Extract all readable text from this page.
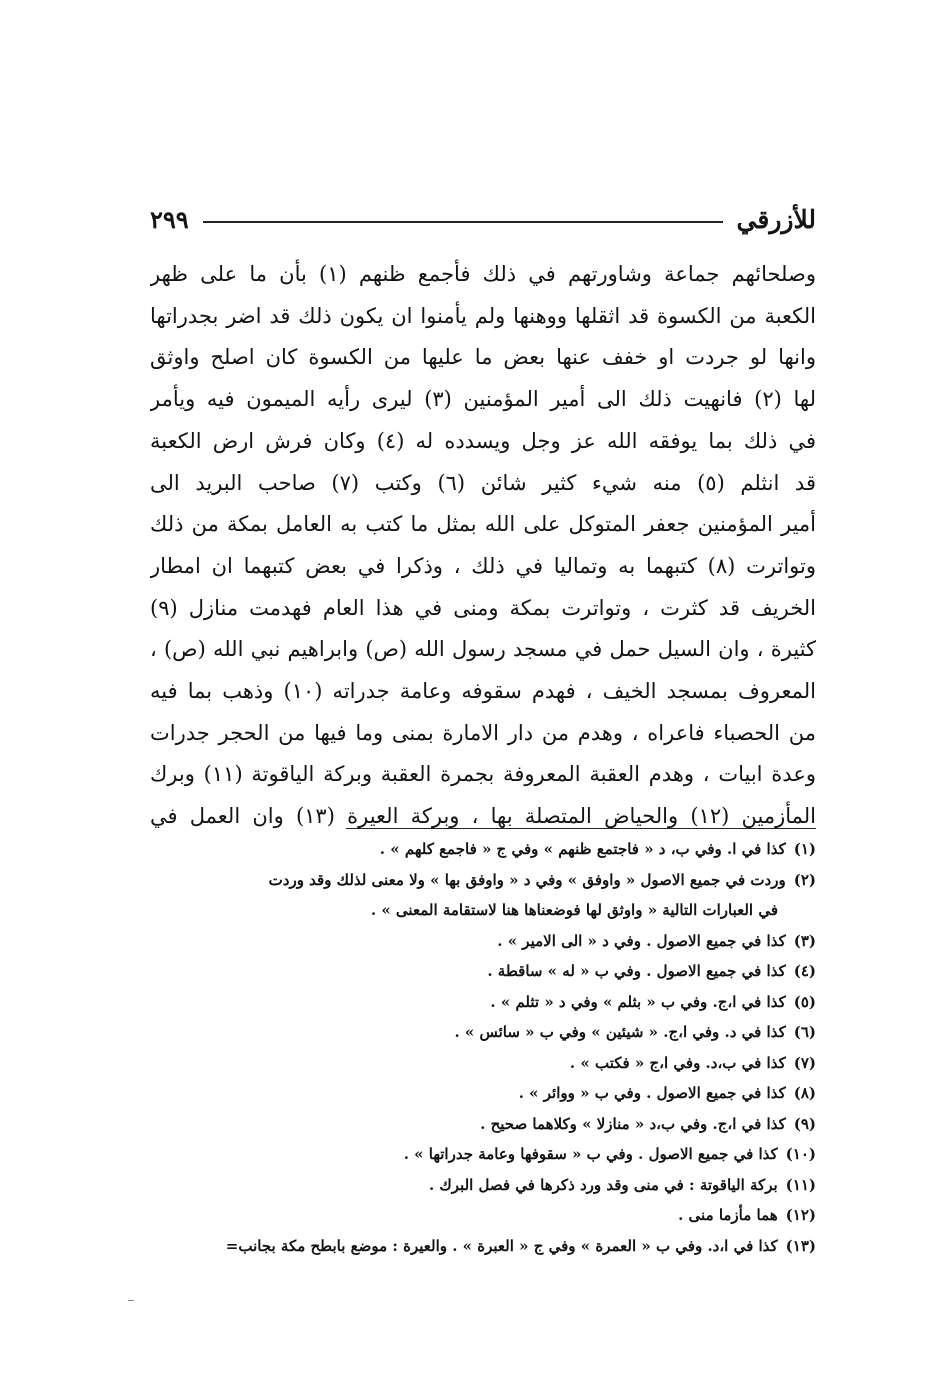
للأزرقي
٢٩٩
وصلحائهم جماعة وشاورتهم في ذلك فأجمع ظنهم (١) بأن ما على ظهر
الكعبة من الكسوة قد اثقلها ووهنها ولم يأمنوا ان يكون ذلك قد اضر بجدراتها
وانها لو جردت او خفف عنها بعض ما عليها من الكسوة كان اصلح واوثق
لها (٢) فانهيت ذلك الى أمير المؤمنين (٣) ليرى رأيه الميمون فيه ويأمر
في ذلك بما يوفقه الله عز وجل ويسدده له (٤) وكان فرش ارض الكعبة
قد انثلم (٥) منه شيء كثير شائن (٦) وكتب (٧) صاحب البريد الى
أمير المؤمنين جعفر المتوكل على الله بمثل ما كتب به العامل بمكة من ذلك
وتواترت (٨) كتبهما به وتماليا في ذلك ، وذكرا في بعض كتبهما ان امطار
الخريف قد كثرت ، وتواترت بمكة ومنى في هذا العام فهدمت منازل (٩)
كثيرة ، وان السيل حمل في مسجد رسول الله (ص) وابراهيم نبي الله (ص) ،
المعروف بمسجد الخيف ، فهدم سقوفه وعامة جدراته (١٠) وذهب بما فيه
من الحصباء فاعراه ، وهدم من دار الامارة بمنى وما فيها من الحجر جدرات
وعدة ابيات ، وهدم العقبة المعروفة بجمرة العقبة وبركة الياقوتة (١١) وبرك
المأزمين (١٢) والحياض المتصلة بها ، وبركة العيرة (١٣) وان العمل في
(١)كذا في ا. وفي ب، د « فاجتمع ظنهم » وفي ج « فاجمع كلهم » .
(٢)وردت في جميع الاصول « واوفق » وفي د « واوفق بها » ولا معنى لذلك وقد وردت
في العبارات التالية « واوثق لها فوضعناها هنا لاستقامة المعنى » .
(٣)كذا في جميع الاصول . وفي د « الى الامير » .
(٤)كذا في جميع الاصول . وفي ب « له » ساقطة .
(٥)كذا في ا،ج. وفي ب « بثلم » وفي د « تثلم » .
(٦)كذا في د. وفي ا،ج. « شيئين » وفي ب « سائس » .
(٧)كذا في ب،د. وفي ا،ج « فكتب » .
(٨)كذا في جميع الاصول . وفي ب « ووائر » .
(٩)كذا في ا،ج. وفي ب،د « منازلا » وكلاهما صحيح .
(١٠)كذا في جميع الاصول . وفي ب « سقوفها وعامة جدراتها » .
(١١)بركة الياقوتة : في منى وقد ورد ذكرها في فصل البرك .
(١٢)هما مأزما منى .
(١٣)كذا في ا،د. وفي ب « العمرة » وفي ج « العبرة » . والعيرة : موضع بابطح مكة بجانب=
